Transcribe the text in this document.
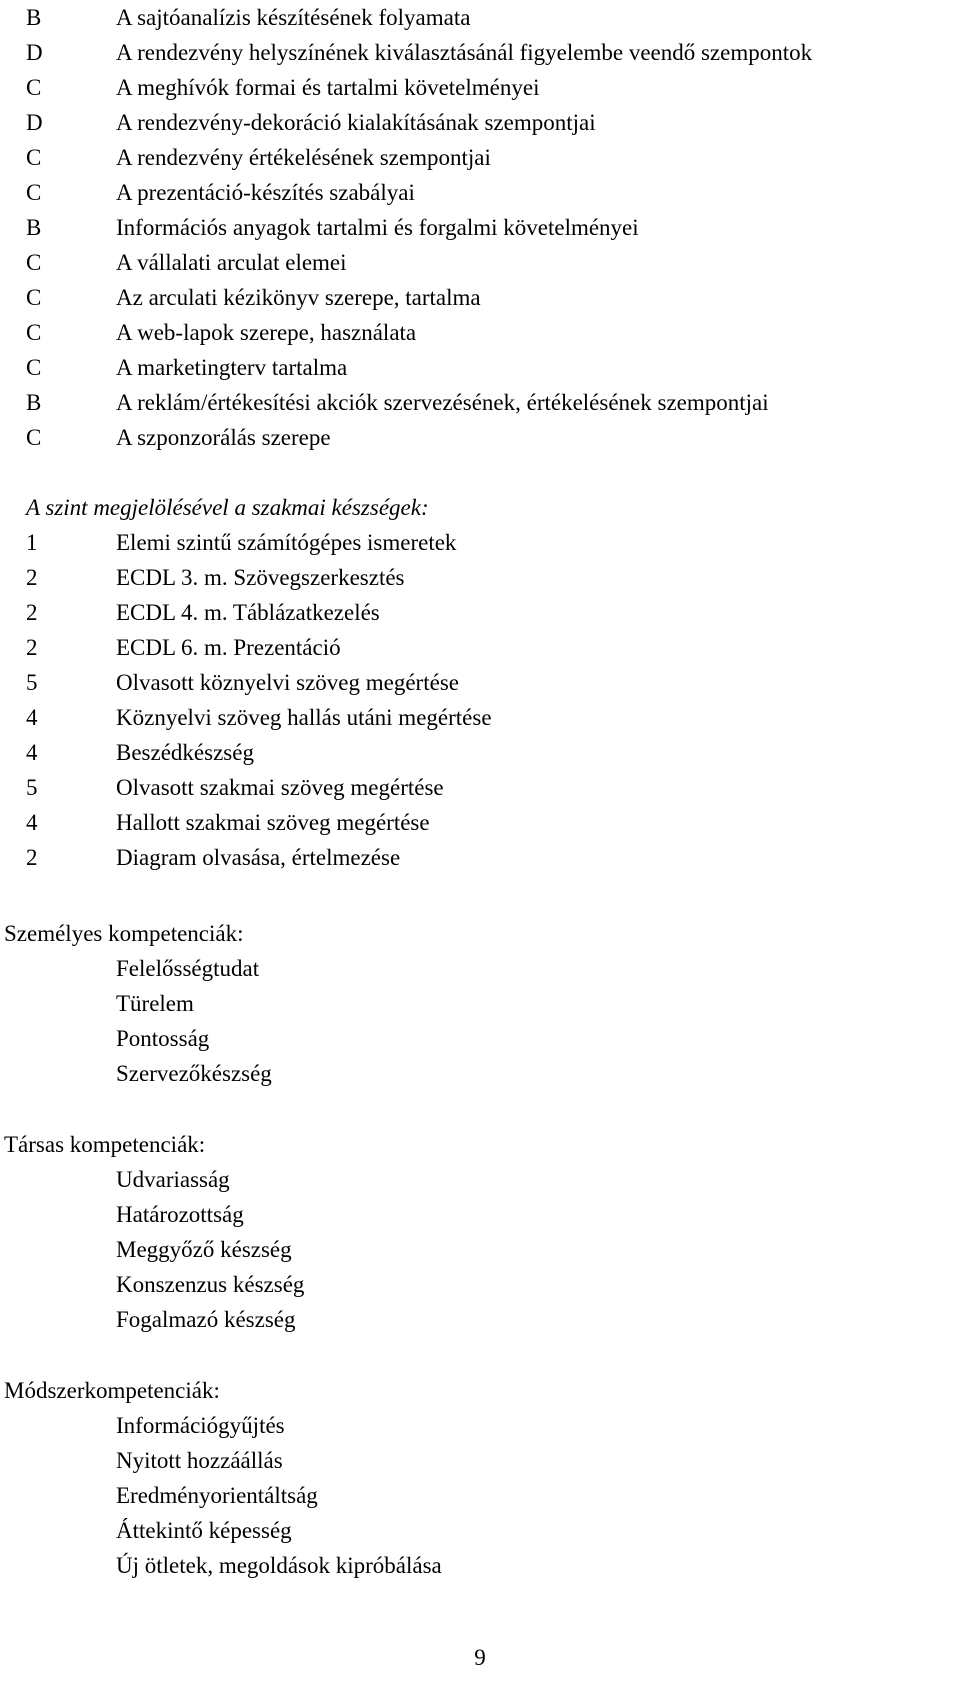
B	A sajtóanalízis készítésének folyamata
D	A rendezvény helyszínének kiválasztásánál figyelembe veendő szempontok
C	A meghívók formai és tartalmi követelményei
D	A rendezvény-dekoráció kialakításának szempontjai
C	A rendezvény értékelésének szempontjai
C	A prezentáció-készítés szabályai
B	Információs anyagok tartalmi és forgalmi követelményei
C	A vállalati arculat elemei
C	Az arculati kézikönyv szerepe, tartalma
C	A web-lapok szerepe, használata
C	A marketingterv tartalma
B	A reklám/értékesítési akciók szervezésének, értékelésének szempontjai
C	A szponzorálás szerepe
A szint megjelölésével a szakmai készségek:
1	Elemi szintű számítógépes ismeretek
2	ECDL 3. m. Szövegszerkesztés
2	ECDL 4. m. Táblázatkezelés
2	ECDL 6. m. Prezentáció
5	Olvasott köznyelvi szöveg megértése
4	Köznyelvi szöveg hallás utáni megértése
4	Beszédkészség
5	Olvasott szakmai szöveg megértése
4	Hallott szakmai szöveg megértése
2	Diagram olvasása, értelmezése
Személyes kompetenciák:
Felelősségtudat
Türelem
Pontosság
Szervezőkészség
Társas kompetenciák:
Udvariasság
Határozottság
Meggyőző készség
Konszenzus készség
Fogalmazó készség
Módszerkompetenciák:
Információgyűjtés
Nyitott hozzáállás
Eredményorientáltság
Áttekintő képesség
Új ötletek, megoldások kipróbálása
9
